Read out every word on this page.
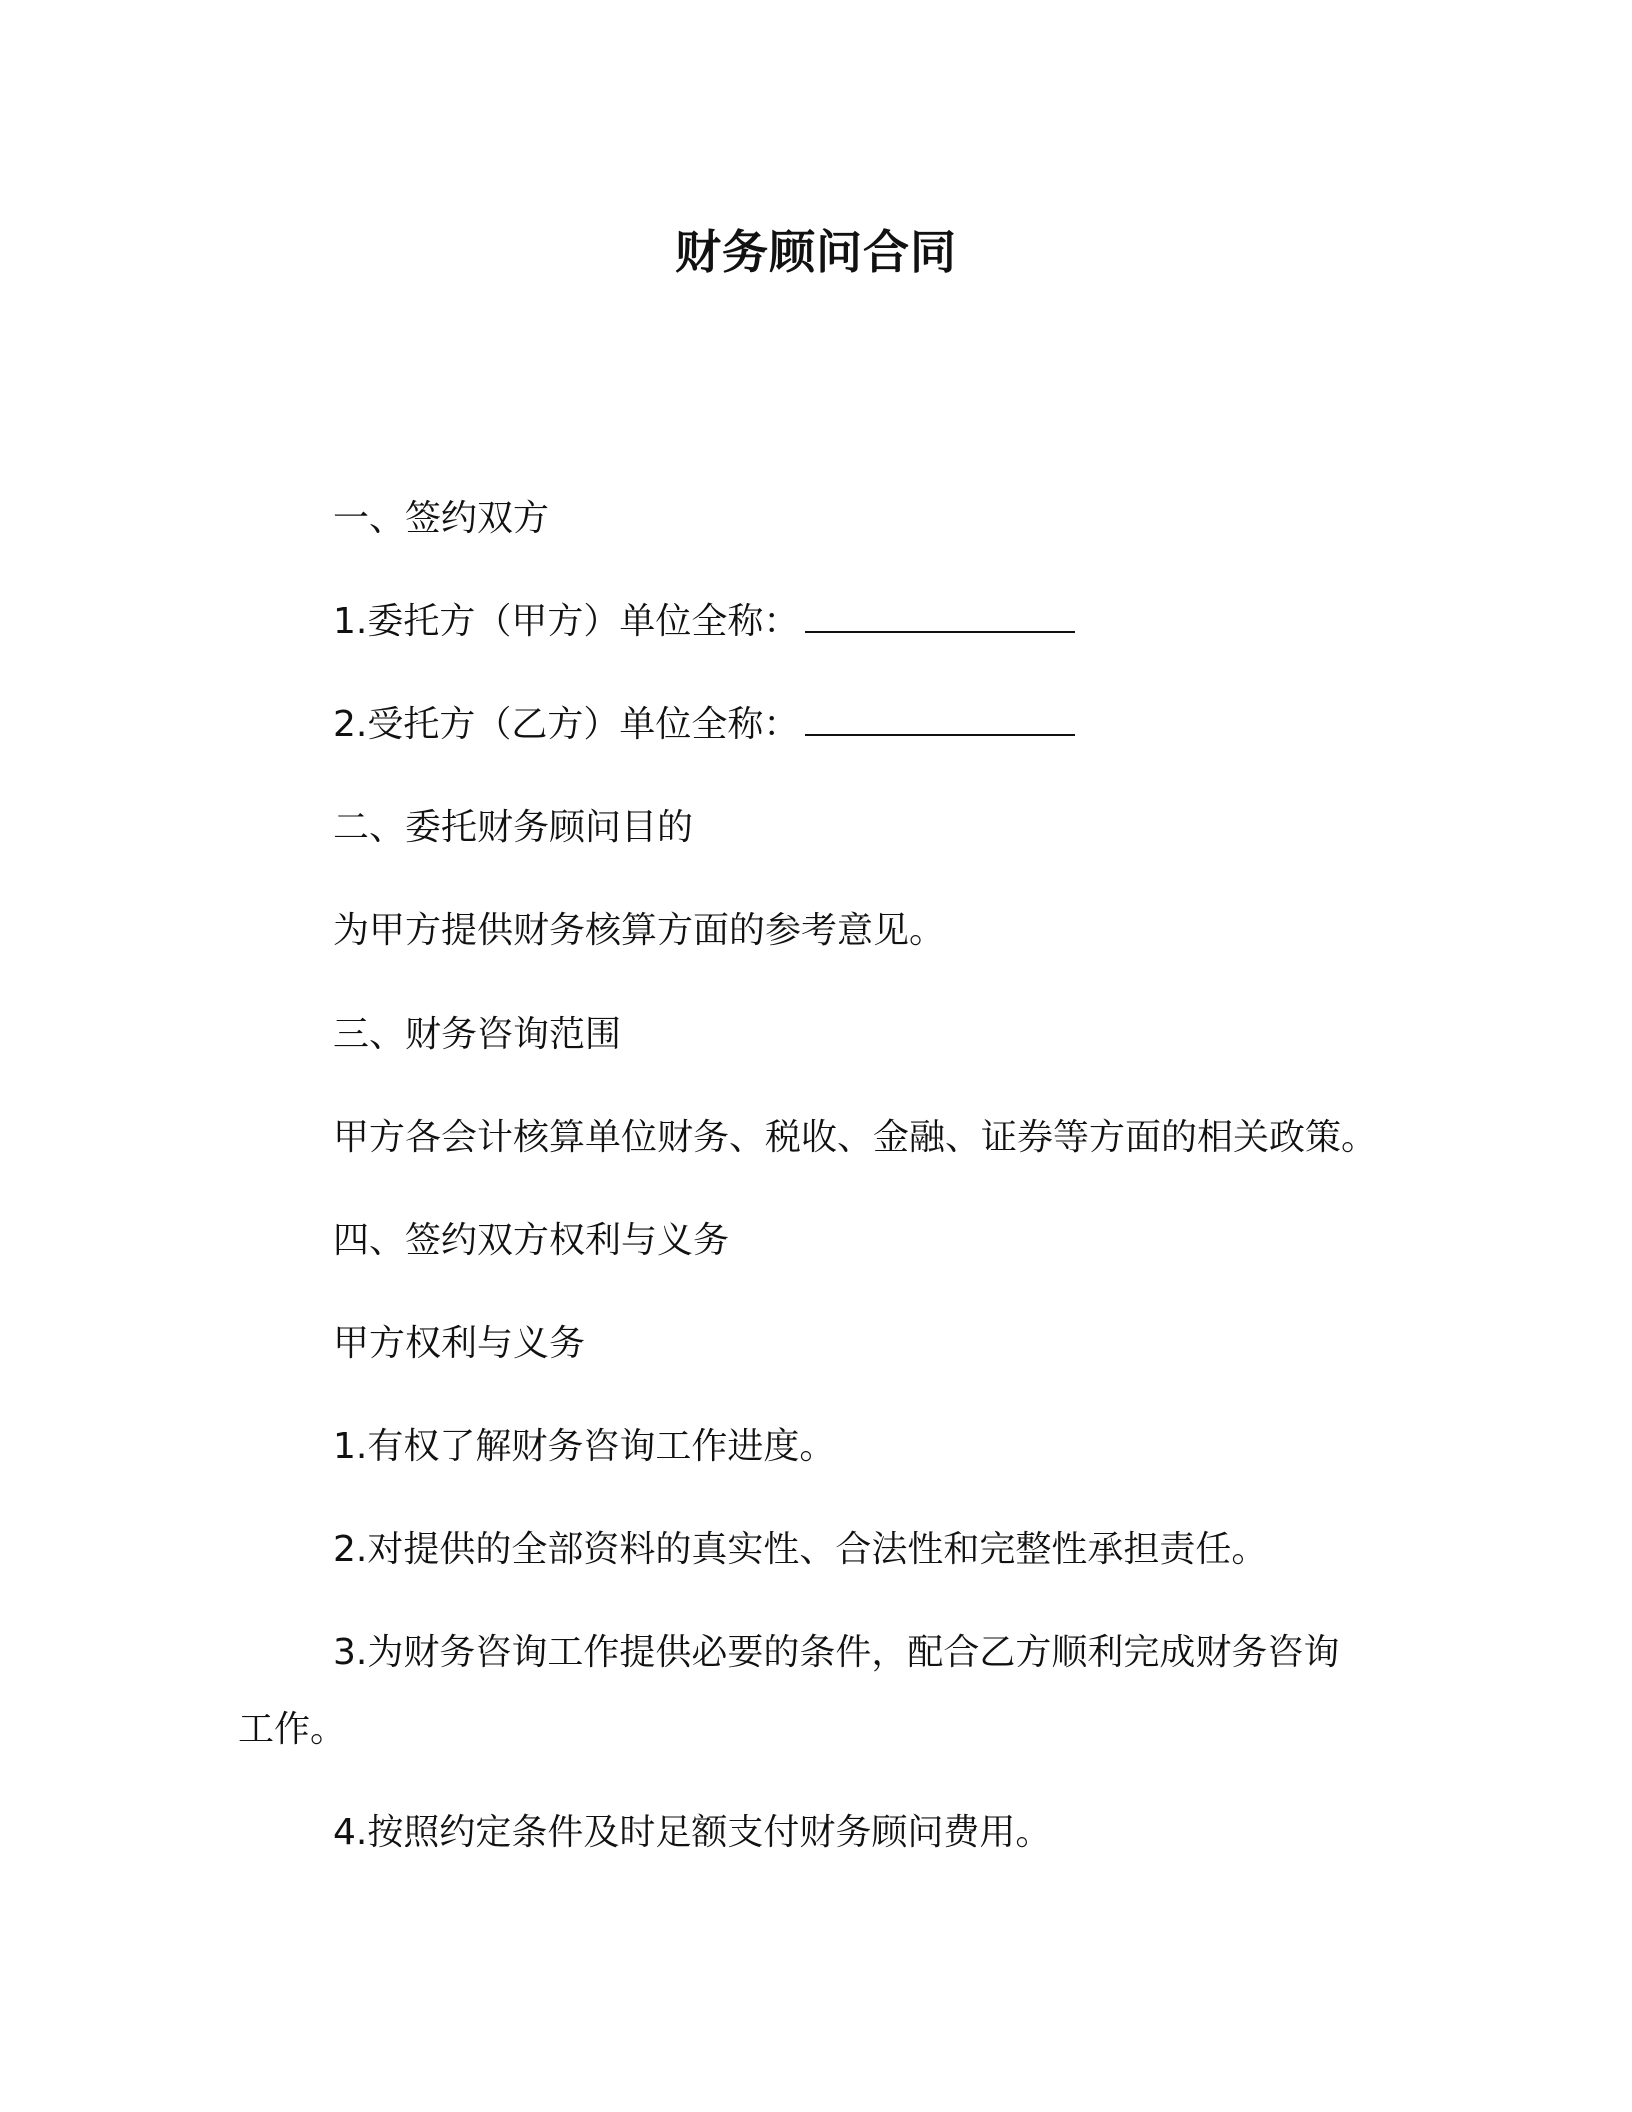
财务顾问合同
一、签约双方
1.委托方（甲方）单位全称：
2.受托方（乙方）单位全称：
二、委托财务顾问目的
为甲方提供财务核算方面的参考意见。
三、财务咨询范围
甲方各会计核算单位财务、税收、金融、证券等方面的相关政策。
四、签约双方权利与义务
甲方权利与义务
1.有权了解财务咨询工作进度。
2.对提供的全部资料的真实性、合法性和完整性承担责任。
3.为财务咨询工作提供必要的条件，配合乙方顺利完成财务咨询
工作。
4.按照约定条件及时足额支付财务顾问费用。
